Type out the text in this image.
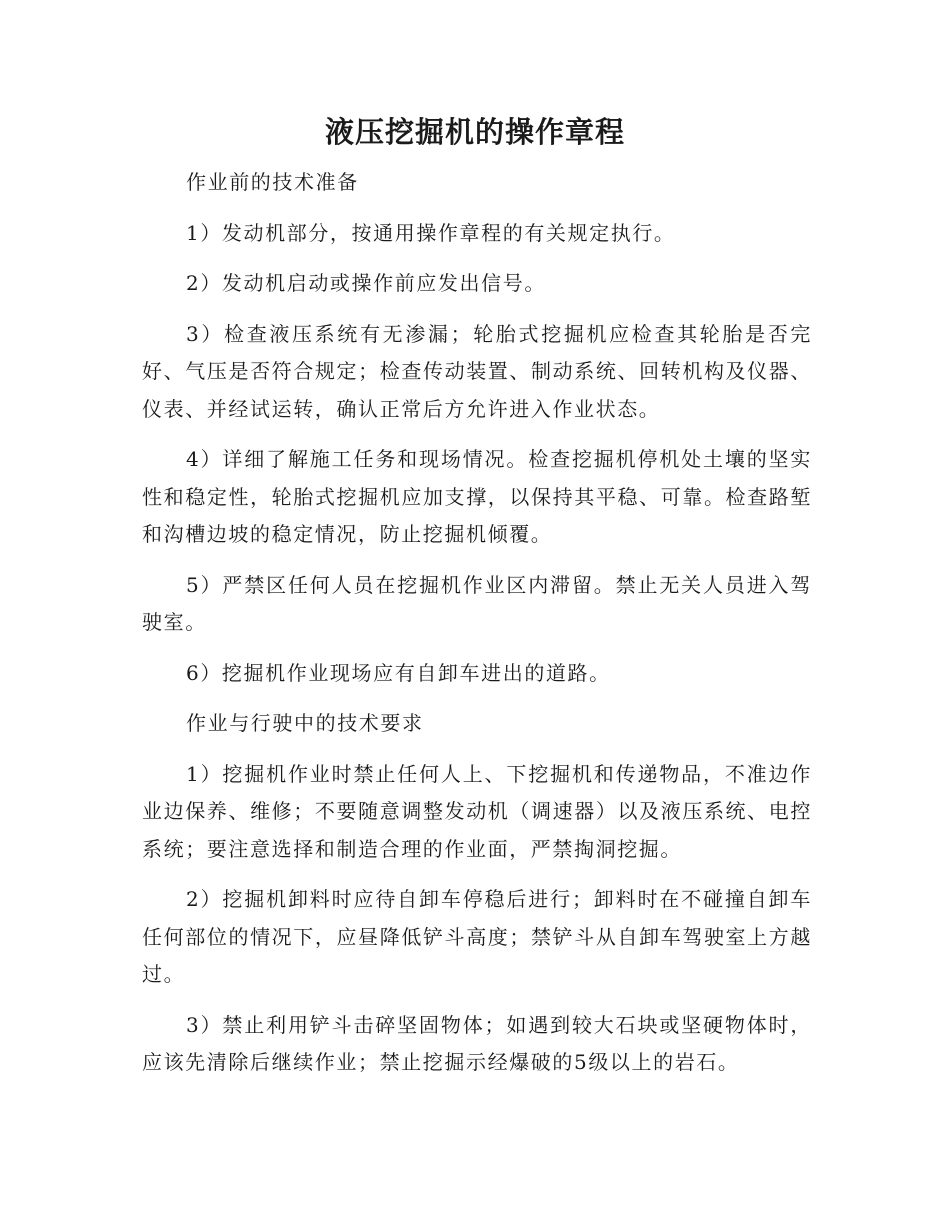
液压挖掘机的操作章程

作业前的技术准备

1）发动机部分，按通用操作章程的有关规定执行。

2）发动机启动或操作前应发出信号。

3）检查液压系统有无渗漏；轮胎式挖掘机应检查其轮胎是否完好、气压是否符合规定；检查传动装置、制动系统、回转机构及仪器、仪表、并经试运转，确认正常后方允许进入作业状态。

4）详细了解施工任务和现场情况。检查挖掘机停机处土壤的坚实性和稳定性，轮胎式挖掘机应加支撑，以保持其平稳、可靠。检查路堑和沟槽边坡的稳定情况，防止挖掘机倾覆。

5）严禁区任何人员在挖掘机作业区内滞留。禁止无关人员进入驾驶室。

6）挖掘机作业现场应有自卸车进出的道路。

作业与行驶中的技术要求

1）挖掘机作业时禁止任何人上、下挖掘机和传递物品，不准边作业边保养、维修；不要随意调整发动机（调速器）以及液压系统、电控系统；要注意选择和制造合理的作业面，严禁掏洞挖掘。

2）挖掘机卸料时应待自卸车停稳后进行；卸料时在不碰撞自卸车任何部位的情况下，应昼降低铲斗高度；禁铲斗从自卸车驾驶室上方越过。

3）禁止利用铲斗击碎坚固物体；如遇到较大石块或坚硬物体时，应该先清除后继续作业；禁止挖掘示经爆破的5级以上的岩石。
